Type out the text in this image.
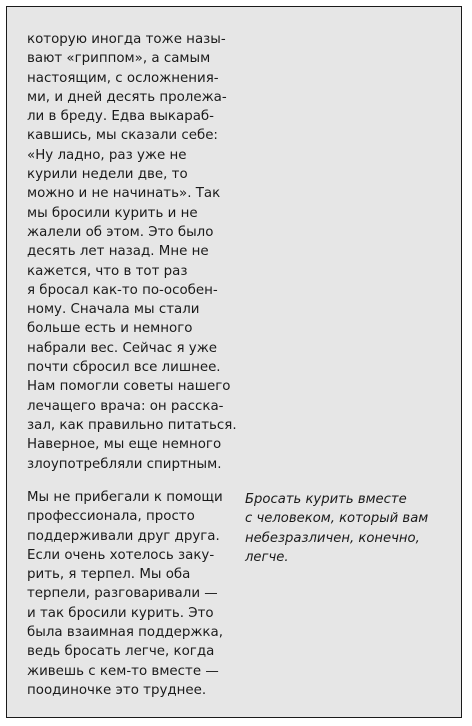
которую иногда тоже назы-
вают «гриппом», а самым
настоящим, с осложнения-
ми, и дней десять пролежа-
ли в бреду. Едва выкараб-
кавшись, мы сказали себе:
«Ну ладно, раз уже не
курили недели две, то
можно и не начинать». Так
мы бросили курить и не
жалели об этом. Это было
десять лет назад. Мне не
кажется, что в тот раз
я бросал как-то по-особен-
ному. Сначала мы стали
больше есть и немного
набрали вес. Сейчас я уже
почти сбросил все лишнее.
Нам помогли советы нашего
лечащего врача: он расска-
зал, как правильно питаться.
Наверное, мы еще немного
злоупотребляли спиртным.
Мы не прибегали к помощи
профессионала, просто
поддерживали друг друга.
Если очень хотелось заку-
рить, я терпел. Мы оба
терпели, разговаривали —
и так бросили курить. Это
была взаимная поддержка,
ведь бросать легче, когда
живешь с кем-то вместе —
поодиночке это труднее.
Бросать курить вместе
с человеком, который вам
небезразличен, конечно,
легче.
